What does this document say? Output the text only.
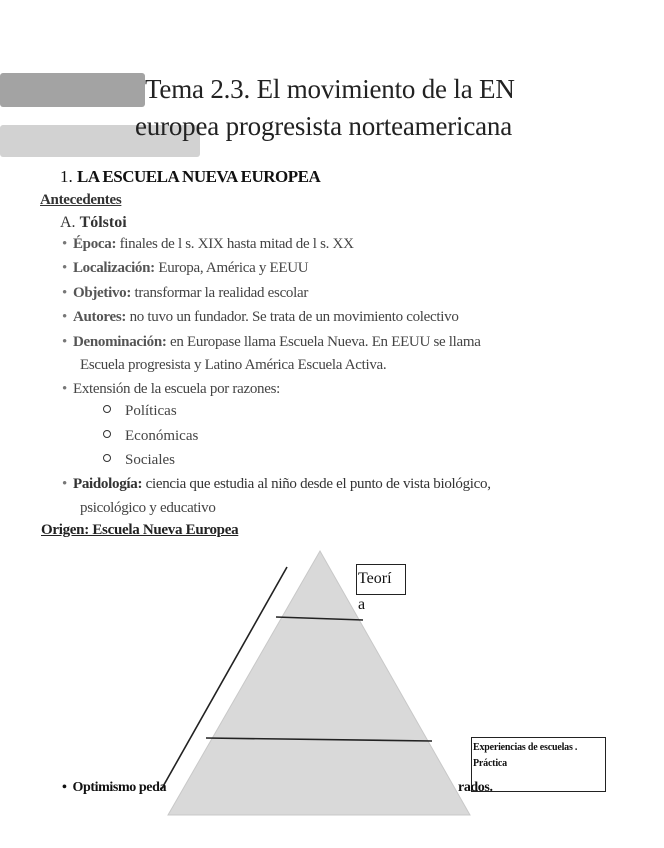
Tema 2.3. El movimiento de la EN
europea progresista norteamericana
1. LA ESCUELA NUEVA EUROPEA
Antecedentes
A. Tólstoi
• Época: finales de l s. XIX hasta mitad de l s. XX
• Localización: Europa, América y EEUU
• Objetivo: transformar la realidad escolar
• Autores: no tuvo un fundador. Se trata de un movimiento colectivo
• Denominación: en Europase llama Escuela Nueva. En EEUU se llama
Escuela progresista y Latino América Escuela Activa.
• Extensión de la escuela por razones:
Políticas
Económicas
Sociales
• Paidología: ciencia que estudia al niño desde el punto de vista biológico,
psicológico y educativo
Origen: Escuela Nueva Europea
Teorí a
Experiencias de escuelas . Práctica
• Optimismo peda	rados.
